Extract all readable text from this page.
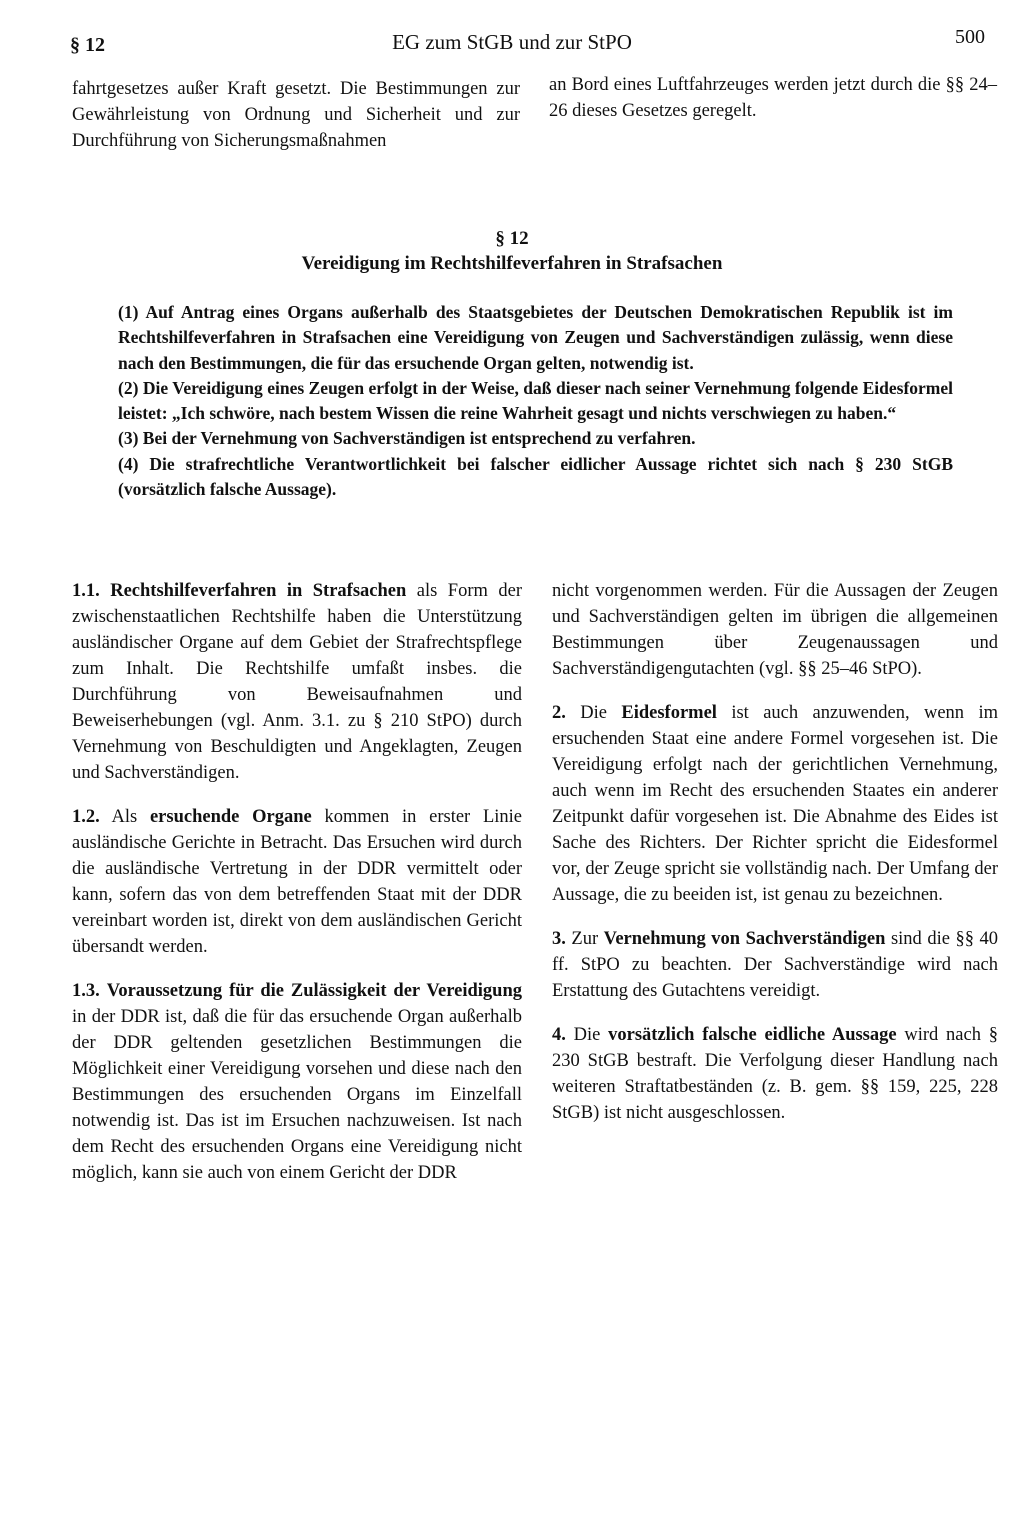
§ 12	EG zum StGB und zur StPO	500

fahrtgesetzes außer Kraft gesetzt. Die Bestimmungen zur Gewährleistung von Ordnung und Sicherheit und zur Durchführung von Sicherungsmaßnahmen

an Bord eines Luftfahrzeuges werden jetzt durch die §§ 24–26 dieses Gesetzes geregelt.

§ 12
Vereidigung im Rechtshilfeverfahren in Strafsachen

(1) Auf Antrag eines Organs außerhalb des Staatsgebietes der Deutschen Demokratischen Republik ist im Rechtshilfeverfahren in Strafsachen eine Vereidigung von Zeugen und Sachverständigen zulässig, wenn diese nach den Bestimmungen, die für das ersuchende Organ gelten, notwendig ist.

(2) Die Vereidigung eines Zeugen erfolgt in der Weise, daß dieser nach seiner Vernehmung folgende Eidesformel leistet: „Ich schwöre, nach bestem Wissen die reine Wahrheit gesagt und nichts verschwiegen zu haben.“

(3) Bei der Vernehmung von Sachverständigen ist entsprechend zu verfahren.

(4) Die strafrechtliche Verantwortlichkeit bei falscher eidlicher Aussage richtet sich nach § 230 StGB (vorsätzlich falsche Aussage).

1.1. Rechtshilfeverfahren in Strafsachen als Form der zwischenstaatlichen Rechtshilfe haben die Unterstützung ausländischer Organe auf dem Gebiet der Strafrechtspflege zum Inhalt. Die Rechtshilfe umfaßt insbes. die Durchführung von Beweisaufnahmen und Beweiserhebungen (vgl. Anm. 3.1. zu § 210 StPO) durch Vernehmung von Beschuldigten und Angeklagten, Zeugen und Sachverständigen.

1.2. Als ersuchende Organe kommen in erster Linie ausländische Gerichte in Betracht. Das Ersuchen wird durch die ausländische Vertretung in der DDR vermittelt oder kann, sofern das von dem betreffenden Staat mit der DDR vereinbart worden ist, direkt von dem ausländischen Gericht übersandt werden.

1.3. Voraussetzung für die Zulässigkeit der Vereidigung in der DDR ist, daß die für das ersuchende Organ außerhalb der DDR geltenden gesetzlichen Bestimmungen die Möglichkeit einer Vereidigung vorsehen und diese nach den Bestimmungen des ersuchenden Organs im Einzelfall notwendig ist. Das ist im Ersuchen nachzuweisen. Ist nach dem Recht des ersuchenden Organs eine Vereidigung nicht möglich, kann sie auch von einem Gericht der DDR

nicht vorgenommen werden. Für die Aussagen der Zeugen und Sachverständigen gelten im übrigen die allgemeinen Bestimmungen über Zeugenaussagen und Sachverständigengutachten (vgl. §§ 25–46 StPO).

2. Die Eidesformel ist auch anzuwenden, wenn im ersuchenden Staat eine andere Formel vorgesehen ist. Die Vereidigung erfolgt nach der gerichtlichen Vernehmung, auch wenn im Recht des ersuchenden Staates ein anderer Zeitpunkt dafür vorgesehen ist. Die Abnahme des Eides ist Sache des Richters. Der Richter spricht die Eidesformel vor, der Zeuge spricht sie vollständig nach. Der Umfang der Aussage, die zu beeiden ist, ist genau zu bezeichnen.

3. Zur Vernehmung von Sachverständigen sind die §§ 40 ff. StPO zu beachten. Der Sachverständige wird nach Erstattung des Gutachtens vereidigt.

4. Die vorsätzlich falsche eidliche Aussage wird nach § 230 StGB bestraft. Die Verfolgung dieser Handlung nach weiteren Straftatbeständen (z. B. gem. §§ 159, 225, 228 StGB) ist nicht ausgeschlossen.
